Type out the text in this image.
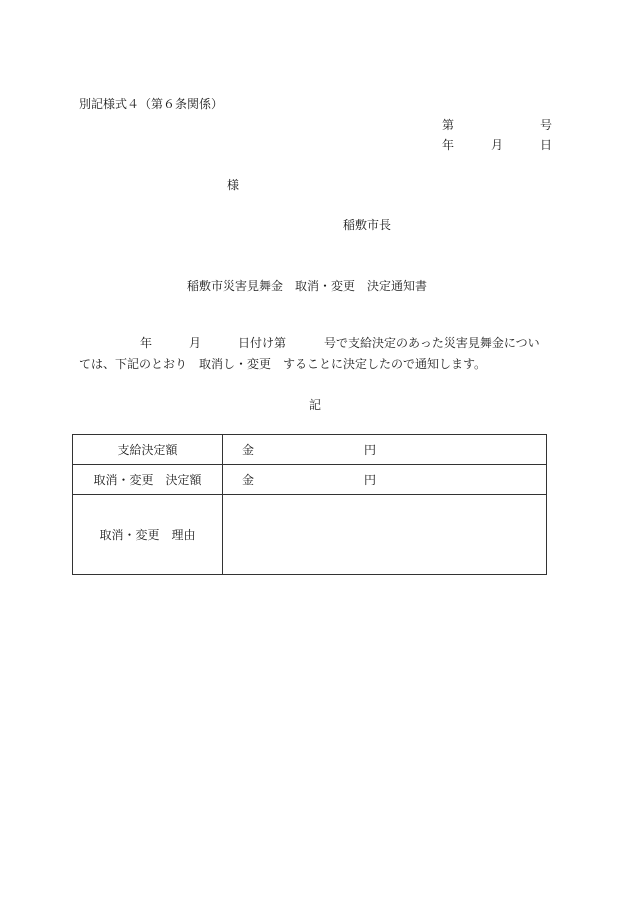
別記様式４（第６条関係）
第	号
年	月	日
様
稲敷市長
稲敷市災害見舞金　取消・変更　決定通知書
年	月	日付け第	号で支給決定のあった災害見舞金につい
ては、下記のとおり　取消し・変更　することに決定したので通知します。
記
支給決定額	金 円

取消・変更　決定額	金 円

取消・変更　理由	
